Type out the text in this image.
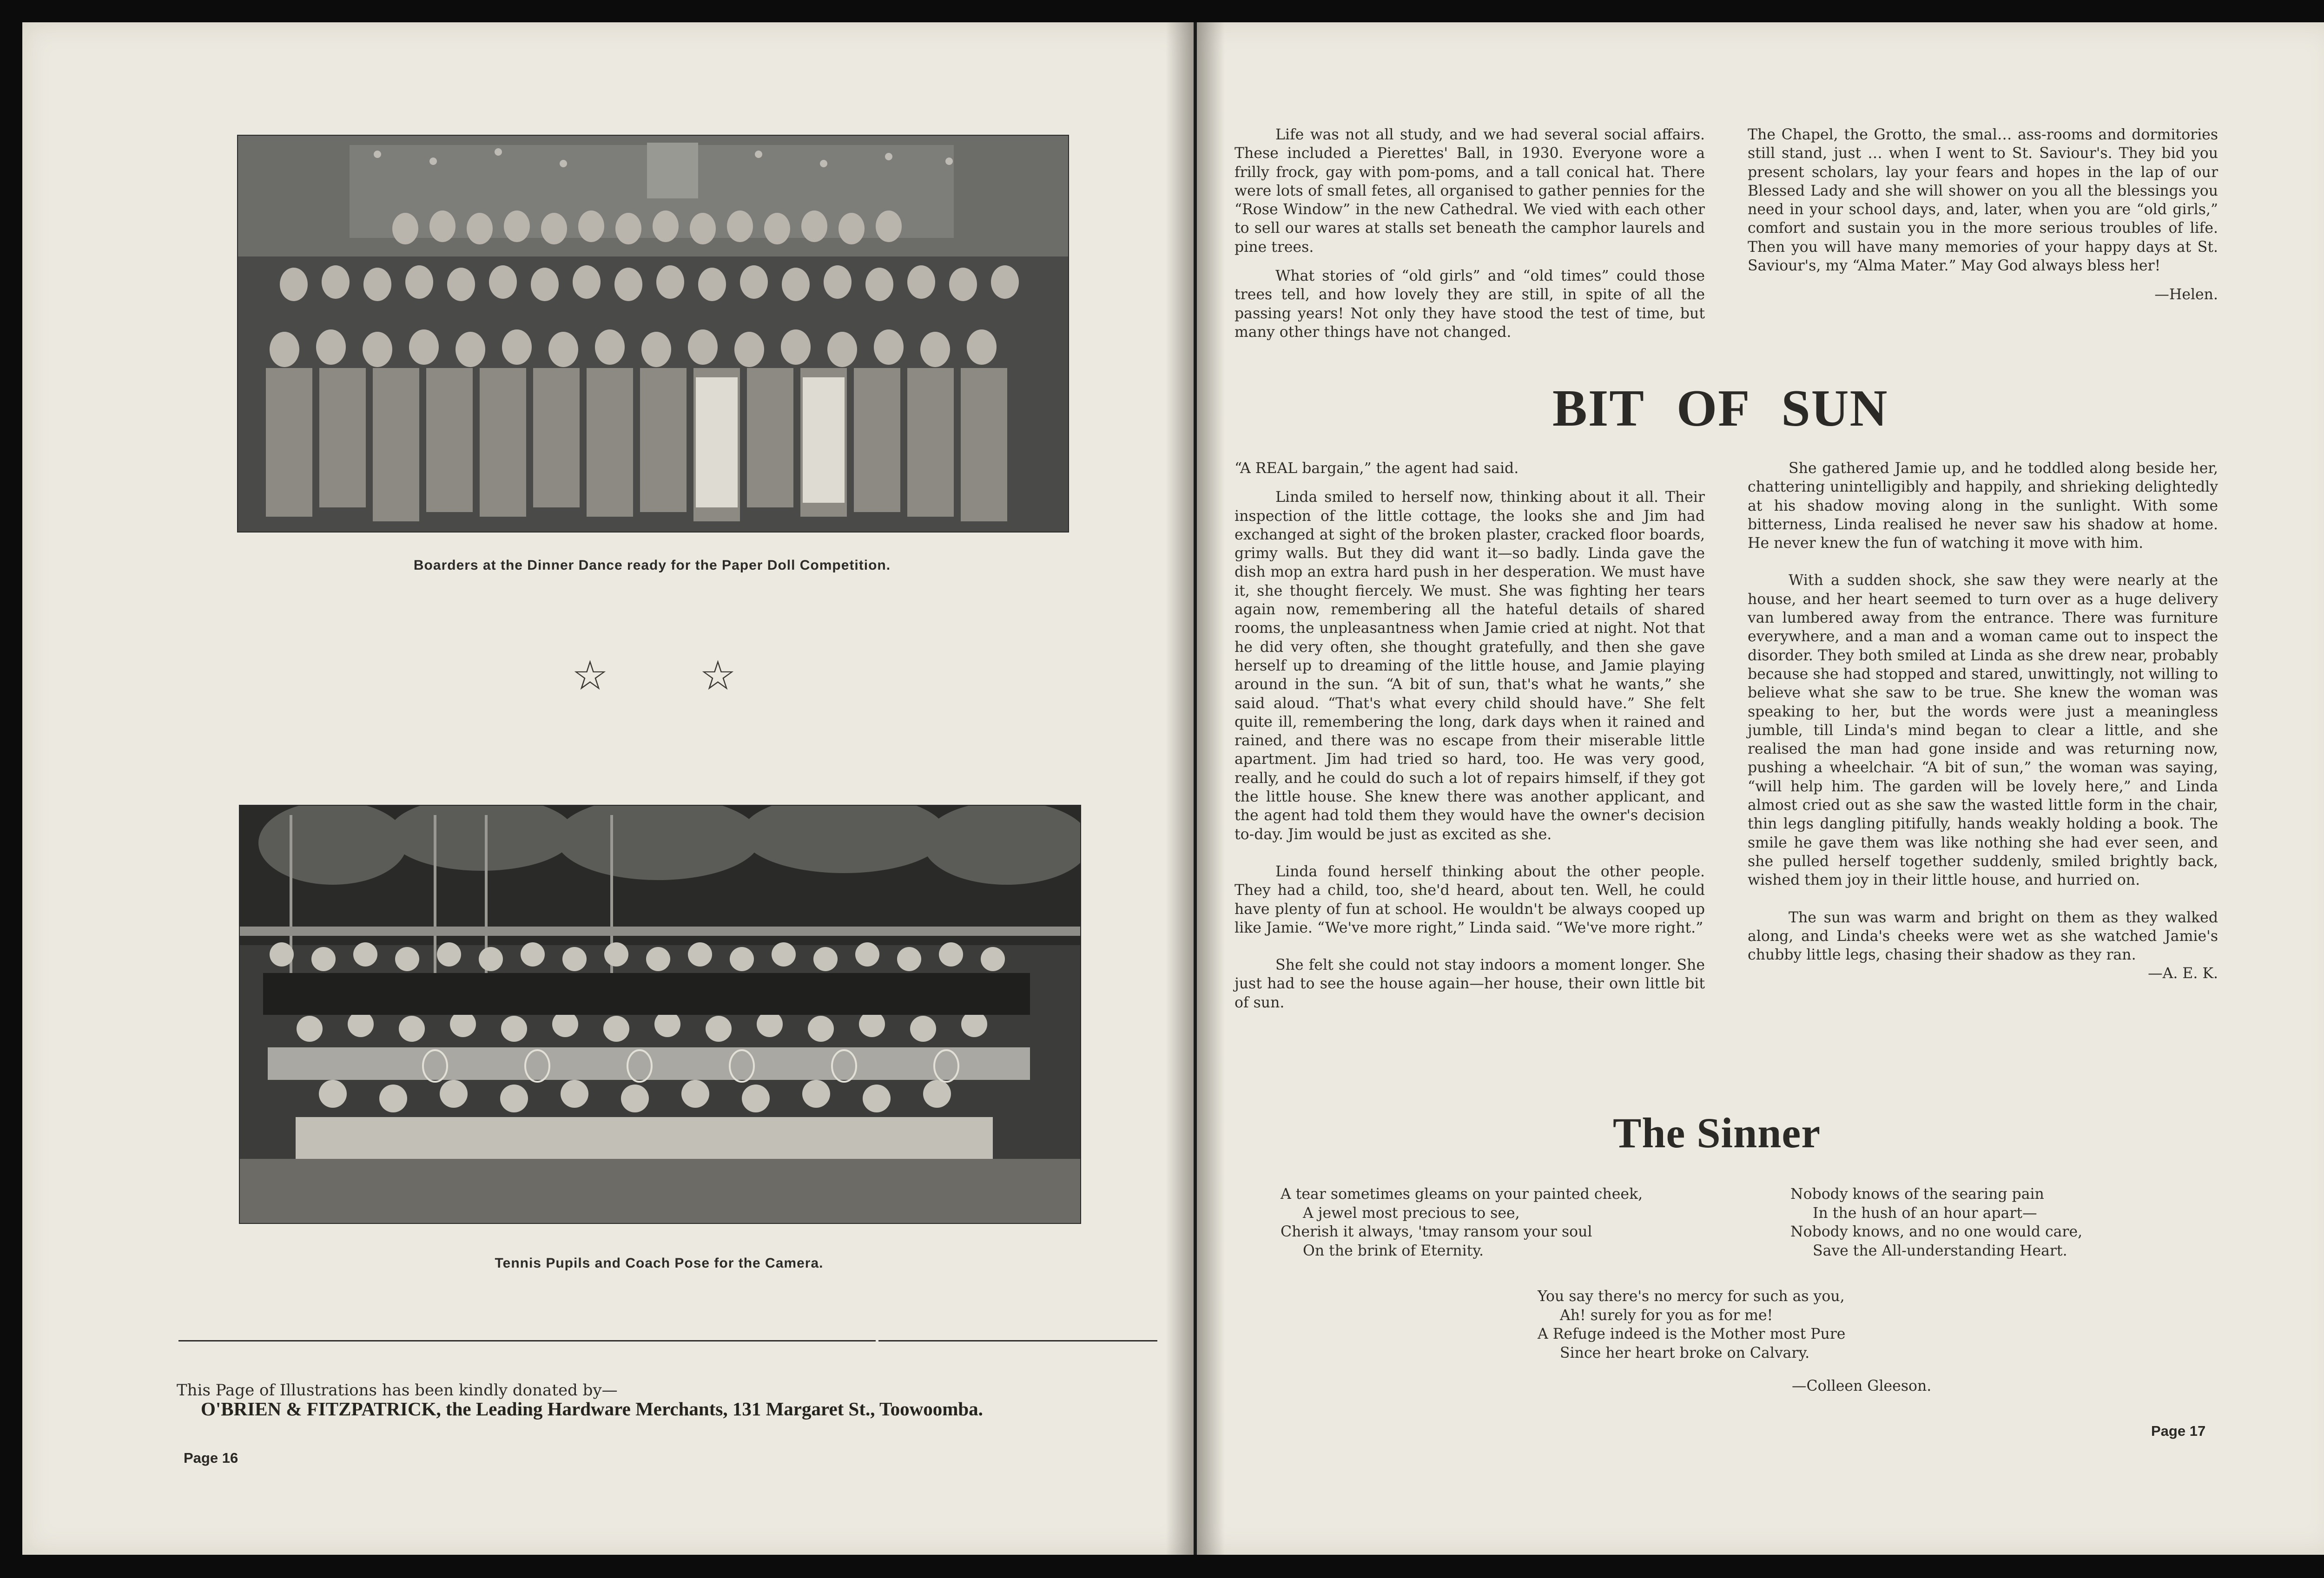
Boarders at the Dinner Dance ready for the Paper Doll Competition.
☆ ☆
Tennis Pupils and Coach Pose for the Camera.
This Page of Illustrations has been kindly donated by—
O'BRIEN & FITZPATRICK, the Leading Hardware Merchants, 131 Margaret St., Toowoomba.
Page 16

Life was not all study, and we had several social affairs. These included a Pierettes' Ball, in 1930. Everyone wore a frilly frock, gay with pom-poms, and a tall conical hat. There were lots of small fetes, all organised to gather pennies for the “Rose Window” in the new Cathedral. We vied with each other to sell our wares at stalls set beneath the camphor laurels and pine trees.

What stories of “old girls” and “old times” could those trees tell, and how lovely they are still, in spite of all the passing years! Not only they have stood the test of time, but many other things have not changed.

The Chapel, the Grotto, the smal… ass-rooms and dormitories still stand, just … when I went to St. Saviour's. They bid you present scholars, lay your fears and hopes in the lap of our Blessed Lady and she will shower on you all the blessings you need in your school days, and, later, when you are “old girls,” comfort and sustain you in the more serious troubles of life. Then you will have many memories of your happy days at St. Saviour's, my “Alma Mater.” May God always bless her!

—Helen.

BIT OF SUN

“A REAL bargain,” the agent had said.

Linda smiled to herself now, thinking about it all. Their inspection of the little cottage, the looks she and Jim had exchanged at sight of the broken plaster, cracked floor boards, grimy walls. But they did want it—so badly. Linda gave the dish mop an extra hard push in her desperation. We must have it, she thought fiercely. We must. She was fighting her tears again now, remembering all the hateful details of shared rooms, the unpleasantness when Jamie cried at night. Not that he did very often, she thought gratefully, and then she gave herself up to dreaming of the little house, and Jamie playing around in the sun. “A bit of sun, that's what he wants,” she said aloud. “That's what every child should have.” She felt quite ill, remembering the long, dark days when it rained and rained, and there was no escape from their miserable little apartment. Jim had tried so hard, too. He was very good, really, and he could do such a lot of repairs himself, if they got the little house. She knew there was another applicant, and the agent had told them they would have the owner's decision to-day. Jim would be just as excited as she.

Linda found herself thinking about the other people. They had a child, too, she'd heard, about ten. Well, he could have plenty of fun at school. He wouldn't be always cooped up like Jamie. “We've more right,” Linda said. “We've more right.”

She felt she could not stay indoors a moment longer. She just had to see the house again—her house, their own little bit of sun.

She gathered Jamie up, and he toddled along beside her, chattering unintelligibly and happily, and shrieking delightedly at his shadow moving along in the sunlight. With some bitterness, Linda realised he never saw his shadow at home. He never knew the fun of watching it move with him.

With a sudden shock, she saw they were nearly at the house, and her heart seemed to turn over as a huge delivery van lumbered away from the entrance. There was furniture everywhere, and a man and a woman came out to inspect the disorder. They both smiled at Linda as she drew near, probably because she had stopped and stared, unwittingly, not willing to believe what she saw to be true. She knew the woman was speaking to her, but the words were just a meaningless jumble, till Linda's mind began to clear a little, and she realised the man had gone inside and was returning now, pushing a wheelchair. “A bit of sun,” the woman was saying, “will help him. The garden will be lovely here,” and Linda almost cried out as she saw the wasted little form in the chair, thin legs dangling pitifully, hands weakly holding a book. The smile he gave them was like nothing she had ever seen, and she pulled herself together suddenly, smiled brightly back, wished them joy in their little house, and hurried on.

The sun was warm and bright on them as they walked along, and Linda's cheeks were wet as she watched Jamie's chubby little legs, chasing their shadow as they ran.

—A. E. K.

The Sinner
A tear sometimes gleams on your painted cheek,
A jewel most precious to see,
Cherish it always, 'tmay ransom your soul
On the brink of Eternity.
Nobody knows of the searing pain
In the hush of an hour apart—
Nobody knows, and no one would care,
Save the All-understanding Heart.
You say there's no mercy for such as you,
Ah! surely for you as for me!
A Refuge indeed is the Mother most Pure
Since her heart broke on Calvary.
—Colleen Gleeson.
Page 17
